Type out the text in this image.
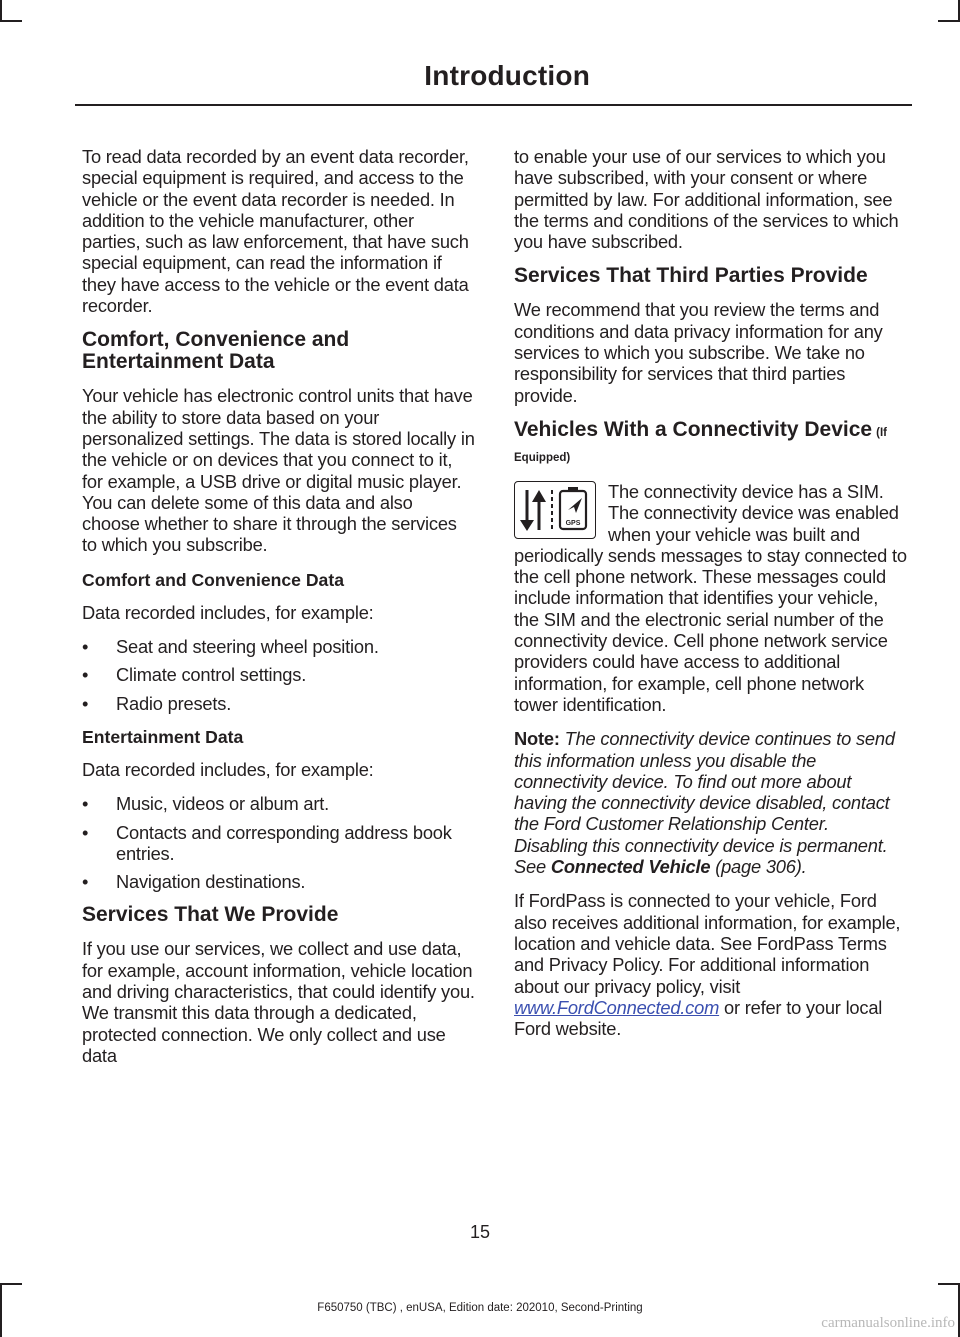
Introduction

To read data recorded by an event data recorder, special equipment is required, and access to the vehicle or the event data recorder is needed. In addition to the vehicle manufacturer, other parties, such as law enforcement, that have such special equipment, can read the information if they have access to the vehicle or the event data recorder.

Comfort, Convenience and Entertainment Data

Your vehicle has electronic control units that have the ability to store data based on your personalized settings. The data is stored locally in the vehicle or on devices that you connect to it, for example, a USB drive or digital music player. You can delete some of this data and also choose whether to share it through the services to which you subscribe.

Comfort and Convenience Data

Data recorded includes, for example:

• Seat and steering wheel position.
• Climate control settings.
• Radio presets.
Entertainment Data

Data recorded includes, for example:

• Music, videos or album art.
• Contacts and corresponding address book entries.
• Navigation destinations.
Services That We Provide

If you use our services, we collect and use data, for example, account information, vehicle location and driving characteristics, that could identify you. We transmit this data through a dedicated, protected connection. We only collect and use data

to enable your use of our services to which you have subscribed, with your consent or where permitted by law. For additional information, see the terms and conditions of the services to which you have subscribed.

Services That Third Parties Provide

We recommend that you review the terms and conditions and data privacy information for any services to which you subscribe. We take no responsibility for services that third parties provide.

Vehicles With a Connectivity Device (If Equipped)
GPS

The connectivity device has a SIM. The connectivity device was enabled when your vehicle was built and periodically sends messages to stay connected to the cell phone network. These messages could include information that identifies your vehicle, the SIM and the electronic serial number of the connectivity device. Cell phone network service providers could have access to additional information, for example, cell phone network tower identification.

Note: The connectivity device continues to send this information unless you disable the connectivity device. To find out more about having the connectivity device disabled, contact the Ford Customer Relationship Center. Disabling this connectivity device is permanent. See Connected Vehicle (page 306).

If FordPass is connected to your vehicle, Ford also receives additional information, for example, location and vehicle data. See FordPass Terms and Privacy Policy. For additional information about our privacy policy, visit www.FordConnected.com or refer to your local Ford website.

15
F650750 (TBC) , enUSA, Edition date: 202010, Second-Printing
carmanualsonline.info
